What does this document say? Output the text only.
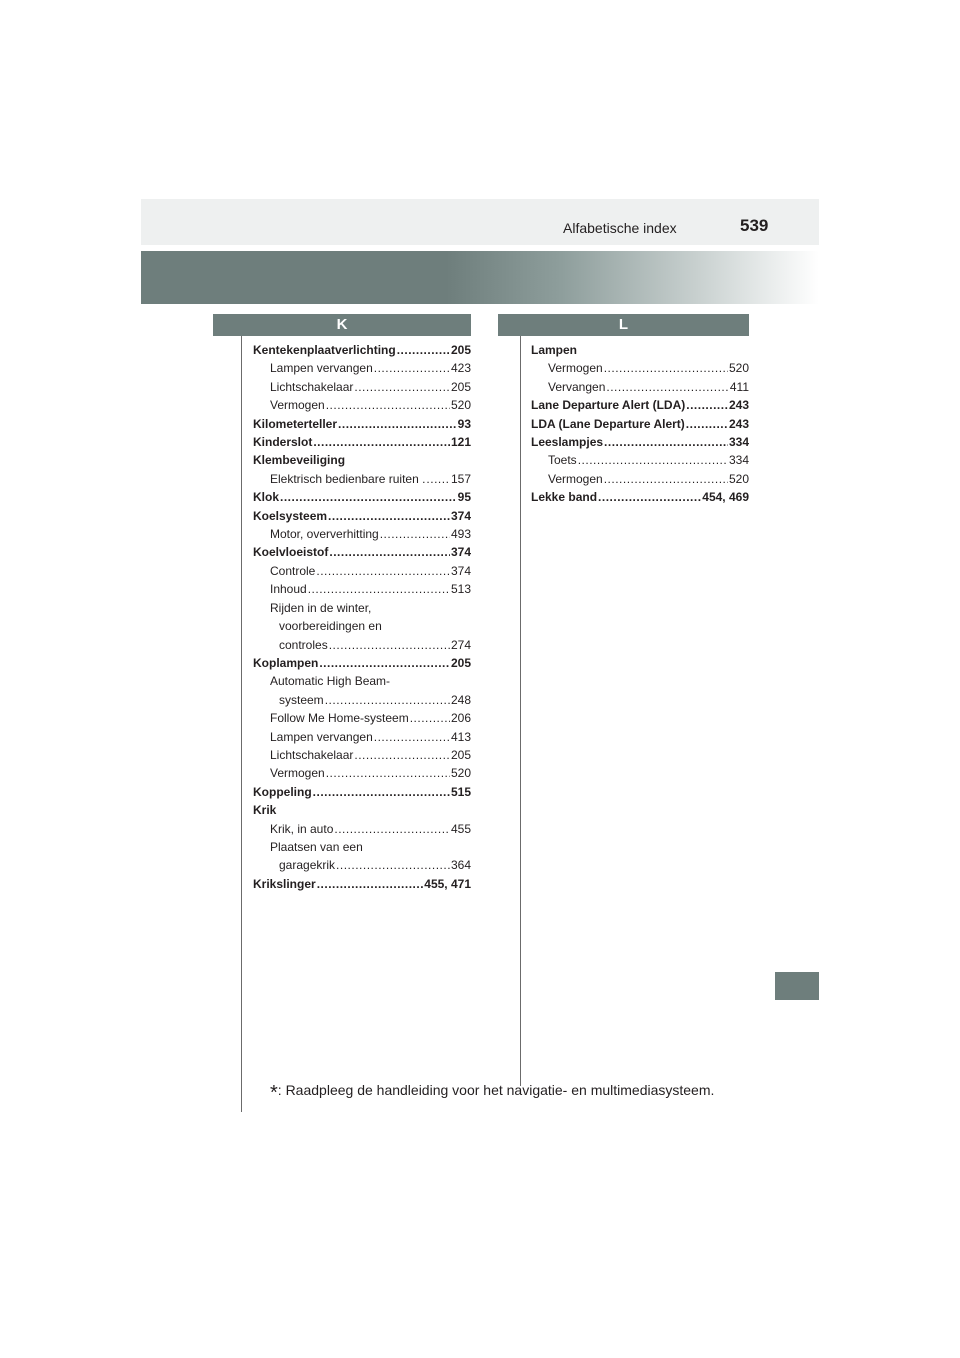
Alfabetische index	539
K	L
Kentekenplaatverlichting .....	205
Lampen vervangen .....	423
Lichtschakelaar .....	205
Vermogen .....	520
Kilometerteller .....	93
Kinderslot .....	121
Klembeveiliging
Elektrisch bedienbare ruiten . ..... 157
Klok .....	95
Koelsysteem .....	374
Motor, oververhitting .....	493
Koelvloeistof .....	374
Controle .....	374
Inhoud .....	513
Rijden in de winter,
voorbereidingen en
controles .....	274
Koplampen .....	205
Automatic High Beam-
systeem .....	248
Follow Me Home-systeem .....	206
Lampen vervangen .....	413
Lichtschakelaar .....	205
Vermogen .....	520
Koppeling .....	515
Krik
Krik, in auto .....	455
Plaatsen van een
garagekrik .....	364
Krikslinger .....	455, 471
Lampen
Vermogen .....	520
Vervangen .....	411
Lane Departure Alert (LDA) .....	243
LDA (Lane Departure Alert) .....	243
Leeslampjes .....	334
Toets .....	334
Vermogen .....	520
Lekke band .....	454, 469
*: Raadpleeg de handleiding voor het navigatie- en multimediasysteem.
